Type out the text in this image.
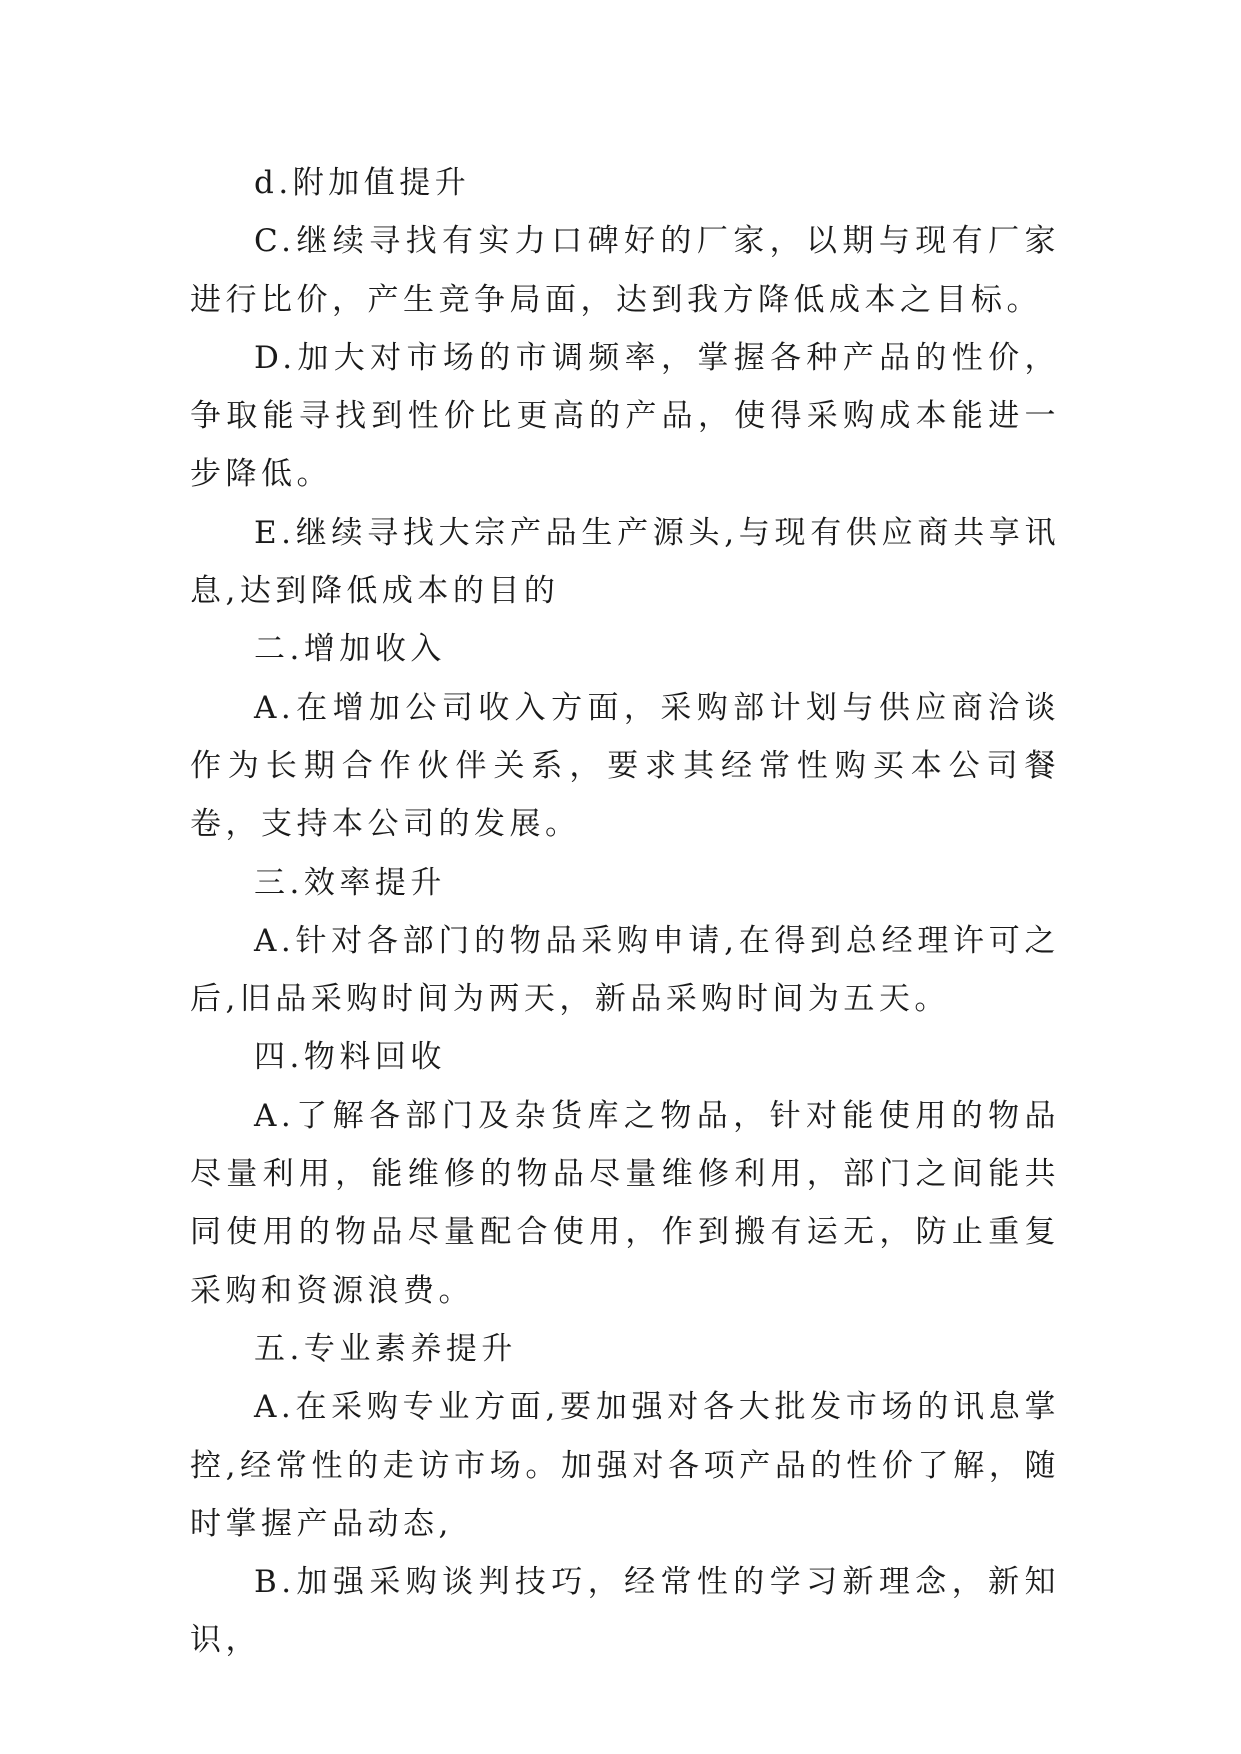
d.附加值提升

C.继续寻找有实力口碑好的厂家，以期与现有厂家进行比价，产生竞争局面，达到我方降低成本之目标。

D.加大对市场的市调频率，掌握各种产品的性价，争取能寻找到性价比更高的产品，使得采购成本能进一步降低。

E.继续寻找大宗产品生产源头,与现有供应商共享讯息,达到降低成本的目的

二.增加收入

A.在增加公司收入方面，采购部计划与供应商洽谈作为长期合作伙伴关系，要求其经常性购买本公司餐卷，支持本公司的发展。

三.效率提升

A.针对各部门的物品采购申请,在得到总经理许可之后,旧品采购时间为两天，新品采购时间为五天。

四.物料回收

A.了解各部门及杂货库之物品，针对能使用的物品尽量利用，能维修的物品尽量维修利用，部门之间能共同使用的物品尽量配合使用，作到搬有运无，防止重复采购和资源浪费。

五.专业素养提升

A.在采购专业方面,要加强对各大批发市场的讯息掌控,经常性的走访市场。加强对各项产品的性价了解，随时掌握产品动态,

B.加强采购谈判技巧，经常性的学习新理念，新知识，
